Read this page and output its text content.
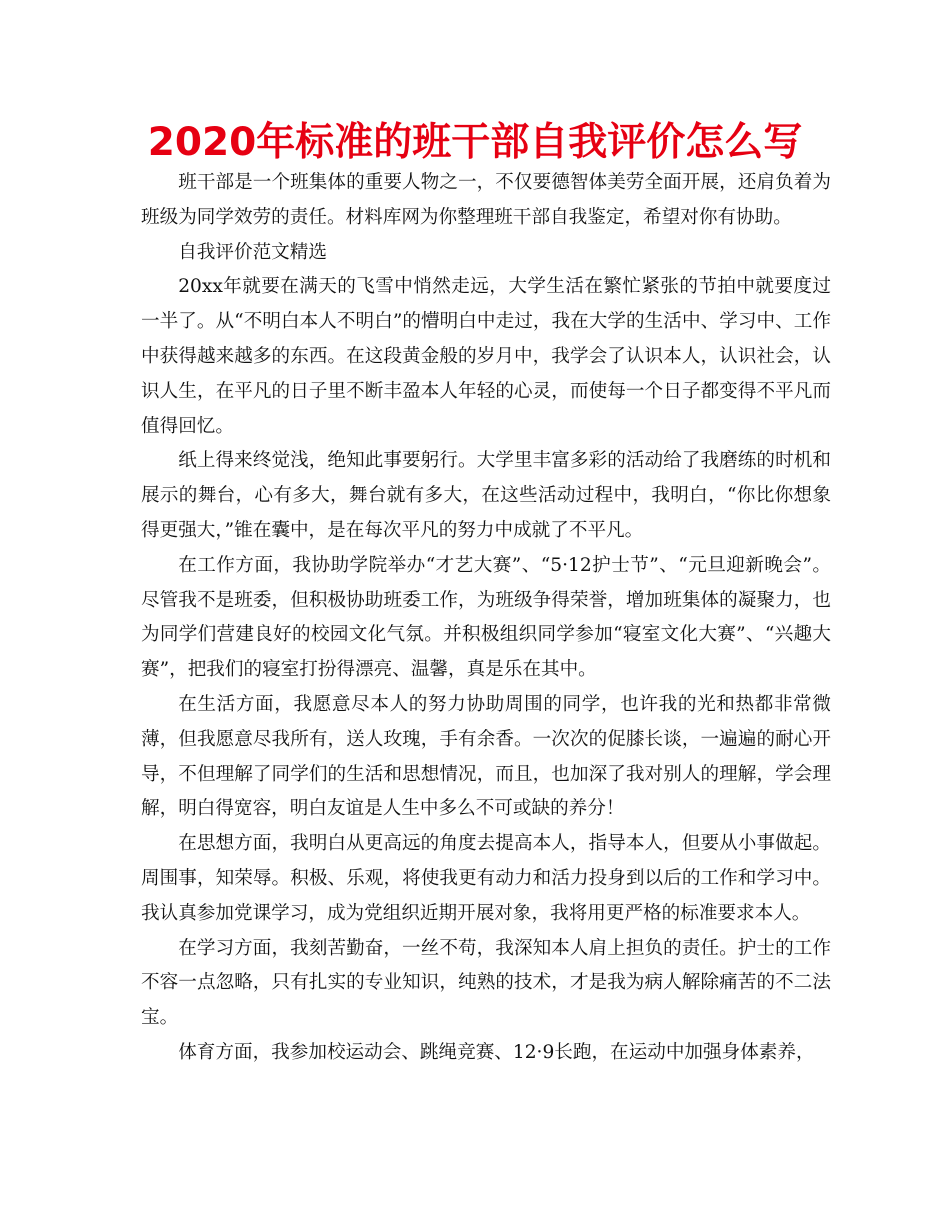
2020年标准的班干部自我评价怎么写

班干部是一个班集体的重要人物之一，不仅要德智体美劳全面开展，还肩负着为班级为同学效劳的责任。材料库网为你整理班干部自我鉴定，希望对你有协助。

自我评价范文精选

20xx年就要在满天的飞雪中悄然走远，大学生活在繁忙紧张的节拍中就要度过一半了。从“不明白本人不明白”的懵明白中走过，我在大学的生活中、学习中、工作中获得越来越多的东西。在这段黄金般的岁月中，我学会了认识本人，认识社会，认识人生，在平凡的日子里不断丰盈本人年轻的心灵，而使每一个日子都变得不平凡而值得回忆。

纸上得来终觉浅，绝知此事要躬行。大学里丰富多彩的活动给了我磨练的时机和展示的舞台，心有多大，舞台就有多大，在这些活动过程中，我明白，“你比你想象得更强大，”锥在囊中，是在每次平凡的努力中成就了不平凡。

在工作方面，我协助学院举办“才艺大赛”、“5·12护士节”、“元旦迎新晚会”。尽管我不是班委，但积极协助班委工作，为班级争得荣誉，增加班集体的凝聚力，也为同学们营建良好的校园文化气氛。并积极组织同学参加“寝室文化大赛”、“兴趣大赛”，把我们的寝室打扮得漂亮、温馨，真是乐在其中。

在生活方面，我愿意尽本人的努力协助周围的同学，也许我的光和热都非常微薄，但我愿意尽我所有，送人玫瑰，手有余香。一次次的促膝长谈，一遍遍的耐心开导，不但理解了同学们的生活和思想情况，而且，也加深了我对别人的理解，学会理解，明白得宽容，明白友谊是人生中多么不可或缺的养分！

在思想方面，我明白从更高远的角度去提高本人，指导本人，但要从小事做起。周围事，知荣辱。积极、乐观，将使我更有动力和活力投身到以后的工作和学习中。我认真参加党课学习，成为党组织近期开展对象，我将用更严格的标准要求本人。

在学习方面，我刻苦勤奋，一丝不苟，我深知本人肩上担负的责任。护士的工作不容一点忽略，只有扎实的专业知识，纯熟的技术，才是我为病人解除痛苦的不二法宝。

体育方面，我参加校运动会、跳绳竞赛、12·9长跑，在运动中加强身体素养，
